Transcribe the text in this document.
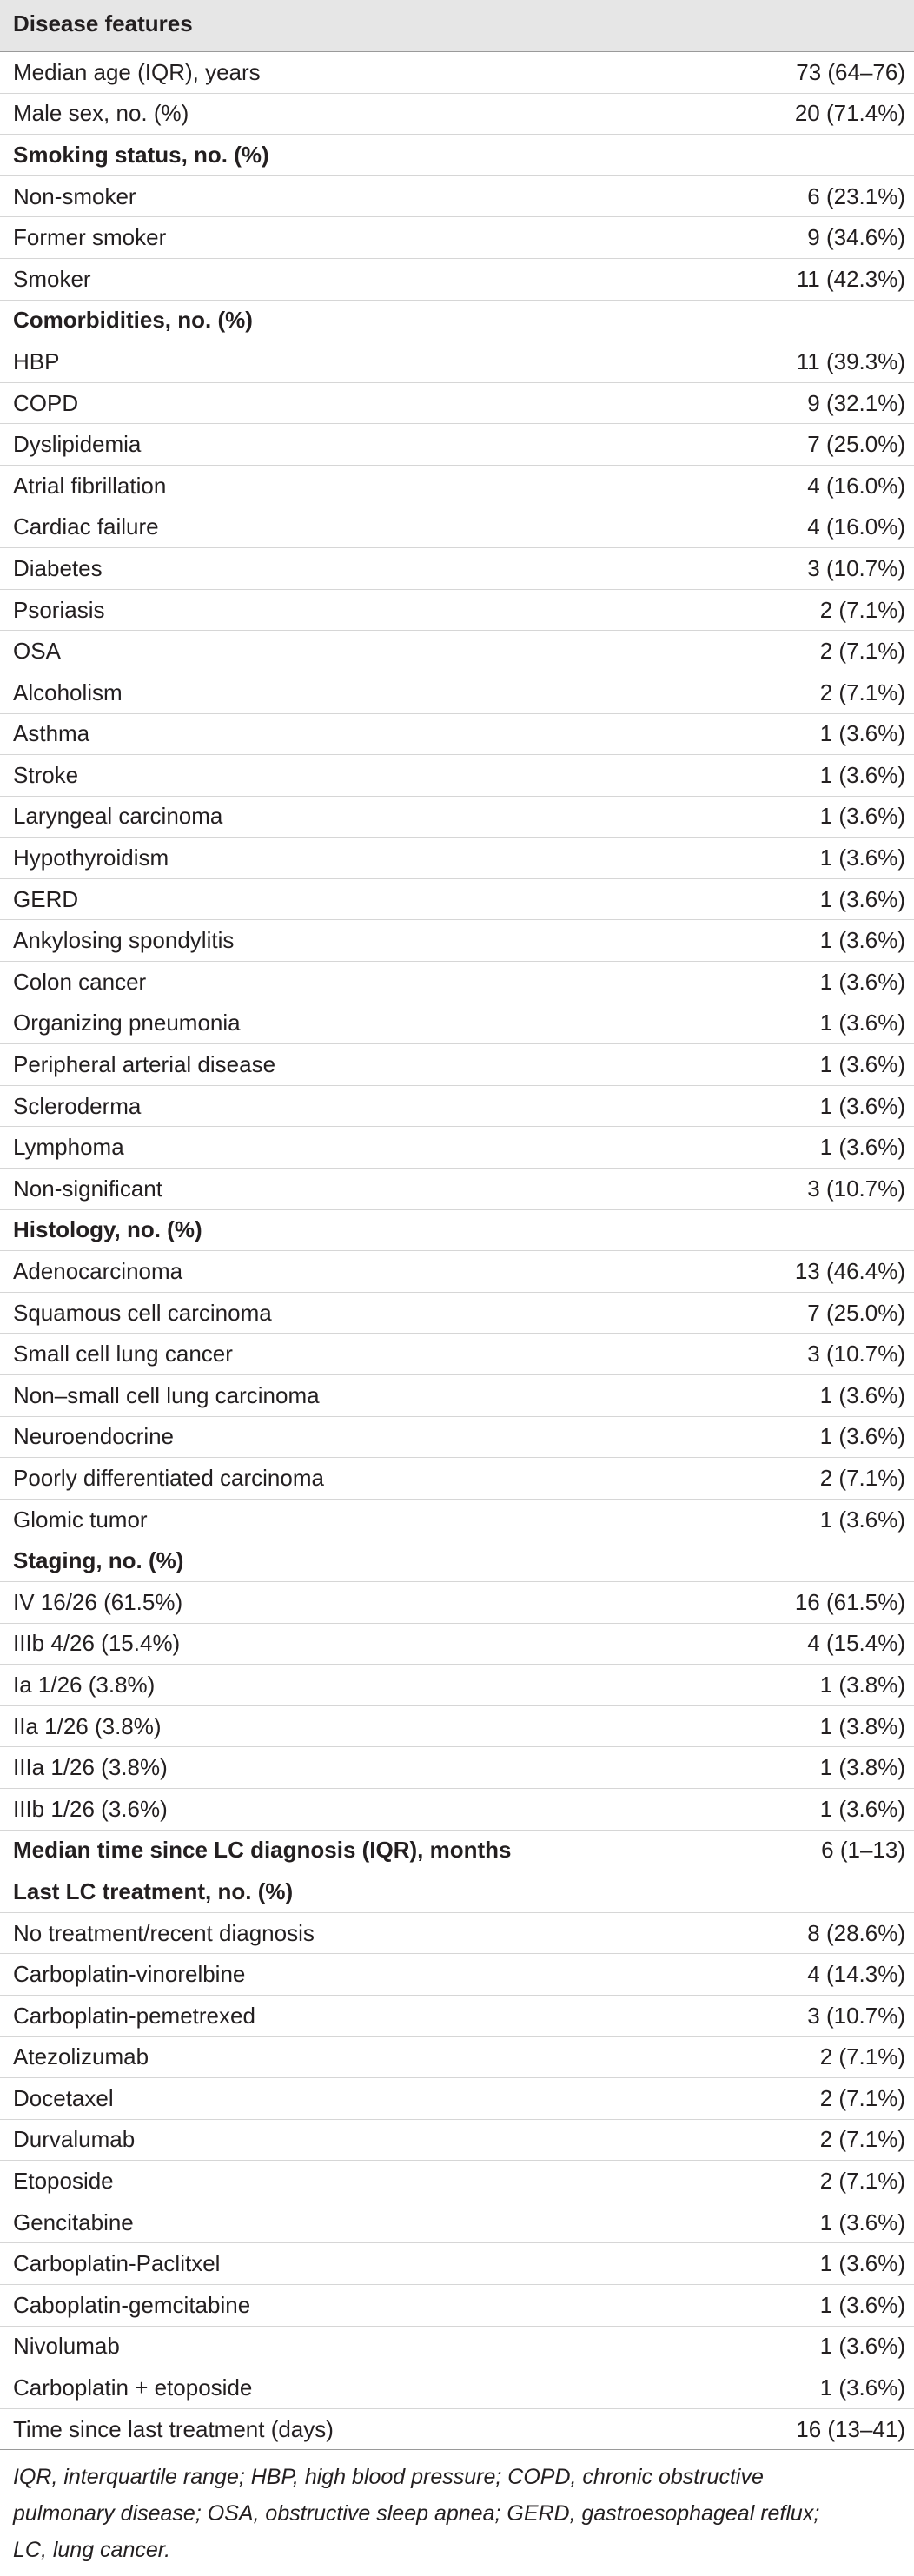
Disease features
Median age (IQR), years	73 (64–76)
Male sex, no. (%)	20 (71.4%)
Smoking status, no. (%)
Non-smoker	6 (23.1%)
Former smoker	9 (34.6%)
Smoker	11 (42.3%)
Comorbidities, no. (%)
HBP	11 (39.3%)
COPD	9 (32.1%)
Dyslipidemia	7 (25.0%)
Atrial fibrillation	4 (16.0%)
Cardiac failure	4 (16.0%)
Diabetes	3 (10.7%)
Psoriasis	2 (7.1%)
OSA	2 (7.1%)
Alcoholism	2 (7.1%)
Asthma	1 (3.6%)
Stroke	1 (3.6%)
Laryngeal carcinoma	1 (3.6%)
Hypothyroidism	1 (3.6%)
GERD	1 (3.6%)
Ankylosing spondylitis	1 (3.6%)
Colon cancer	1 (3.6%)
Organizing pneumonia	1 (3.6%)
Peripheral arterial disease	1 (3.6%)
Scleroderma	1 (3.6%)
Lymphoma	1 (3.6%)
Non-significant	3 (10.7%)
Histology, no. (%)
Adenocarcinoma	13 (46.4%)
Squamous cell carcinoma	7 (25.0%)
Small cell lung cancer	3 (10.7%)
Non–small cell lung carcinoma	1 (3.6%)
Neuroendocrine	1 (3.6%)
Poorly differentiated carcinoma	2 (7.1%)
Glomic tumor	1 (3.6%)
Staging, no. (%)
IV 16/26 (61.5%)	16 (61.5%)
IIIb 4/26 (15.4%)	4 (15.4%)
Ia 1/26 (3.8%)	1 (3.8%)
IIa 1/26 (3.8%)	1 (3.8%)
IIIa 1/26 (3.8%)	1 (3.8%)
IIIb 1/26 (3.6%)	1 (3.6%)
Median time since LC diagnosis (IQR), months	6 (1–13)
Last LC treatment, no. (%)
No treatment/recent diagnosis	8 (28.6%)
Carboplatin-vinorelbine	4 (14.3%)
Carboplatin-pemetrexed	3 (10.7%)
Atezolizumab	2 (7.1%)
Docetaxel	2 (7.1%)
Durvalumab	2 (7.1%)
Etoposide	2 (7.1%)
Gencitabine	1 (3.6%)
Carboplatin-Paclitxel	1 (3.6%)
Caboplatin-gemcitabine	1 (3.6%)
Nivolumab	1 (3.6%)
Carboplatin + etoposide	1 (3.6%)
Time since last treatment (days)	16 (13–41)
IQR, interquartile range; HBP, high blood pressure; COPD, chronic obstructive
pulmonary disease; OSA, obstructive sleep apnea; GERD, gastroesophageal reflux;
LC, lung cancer.
